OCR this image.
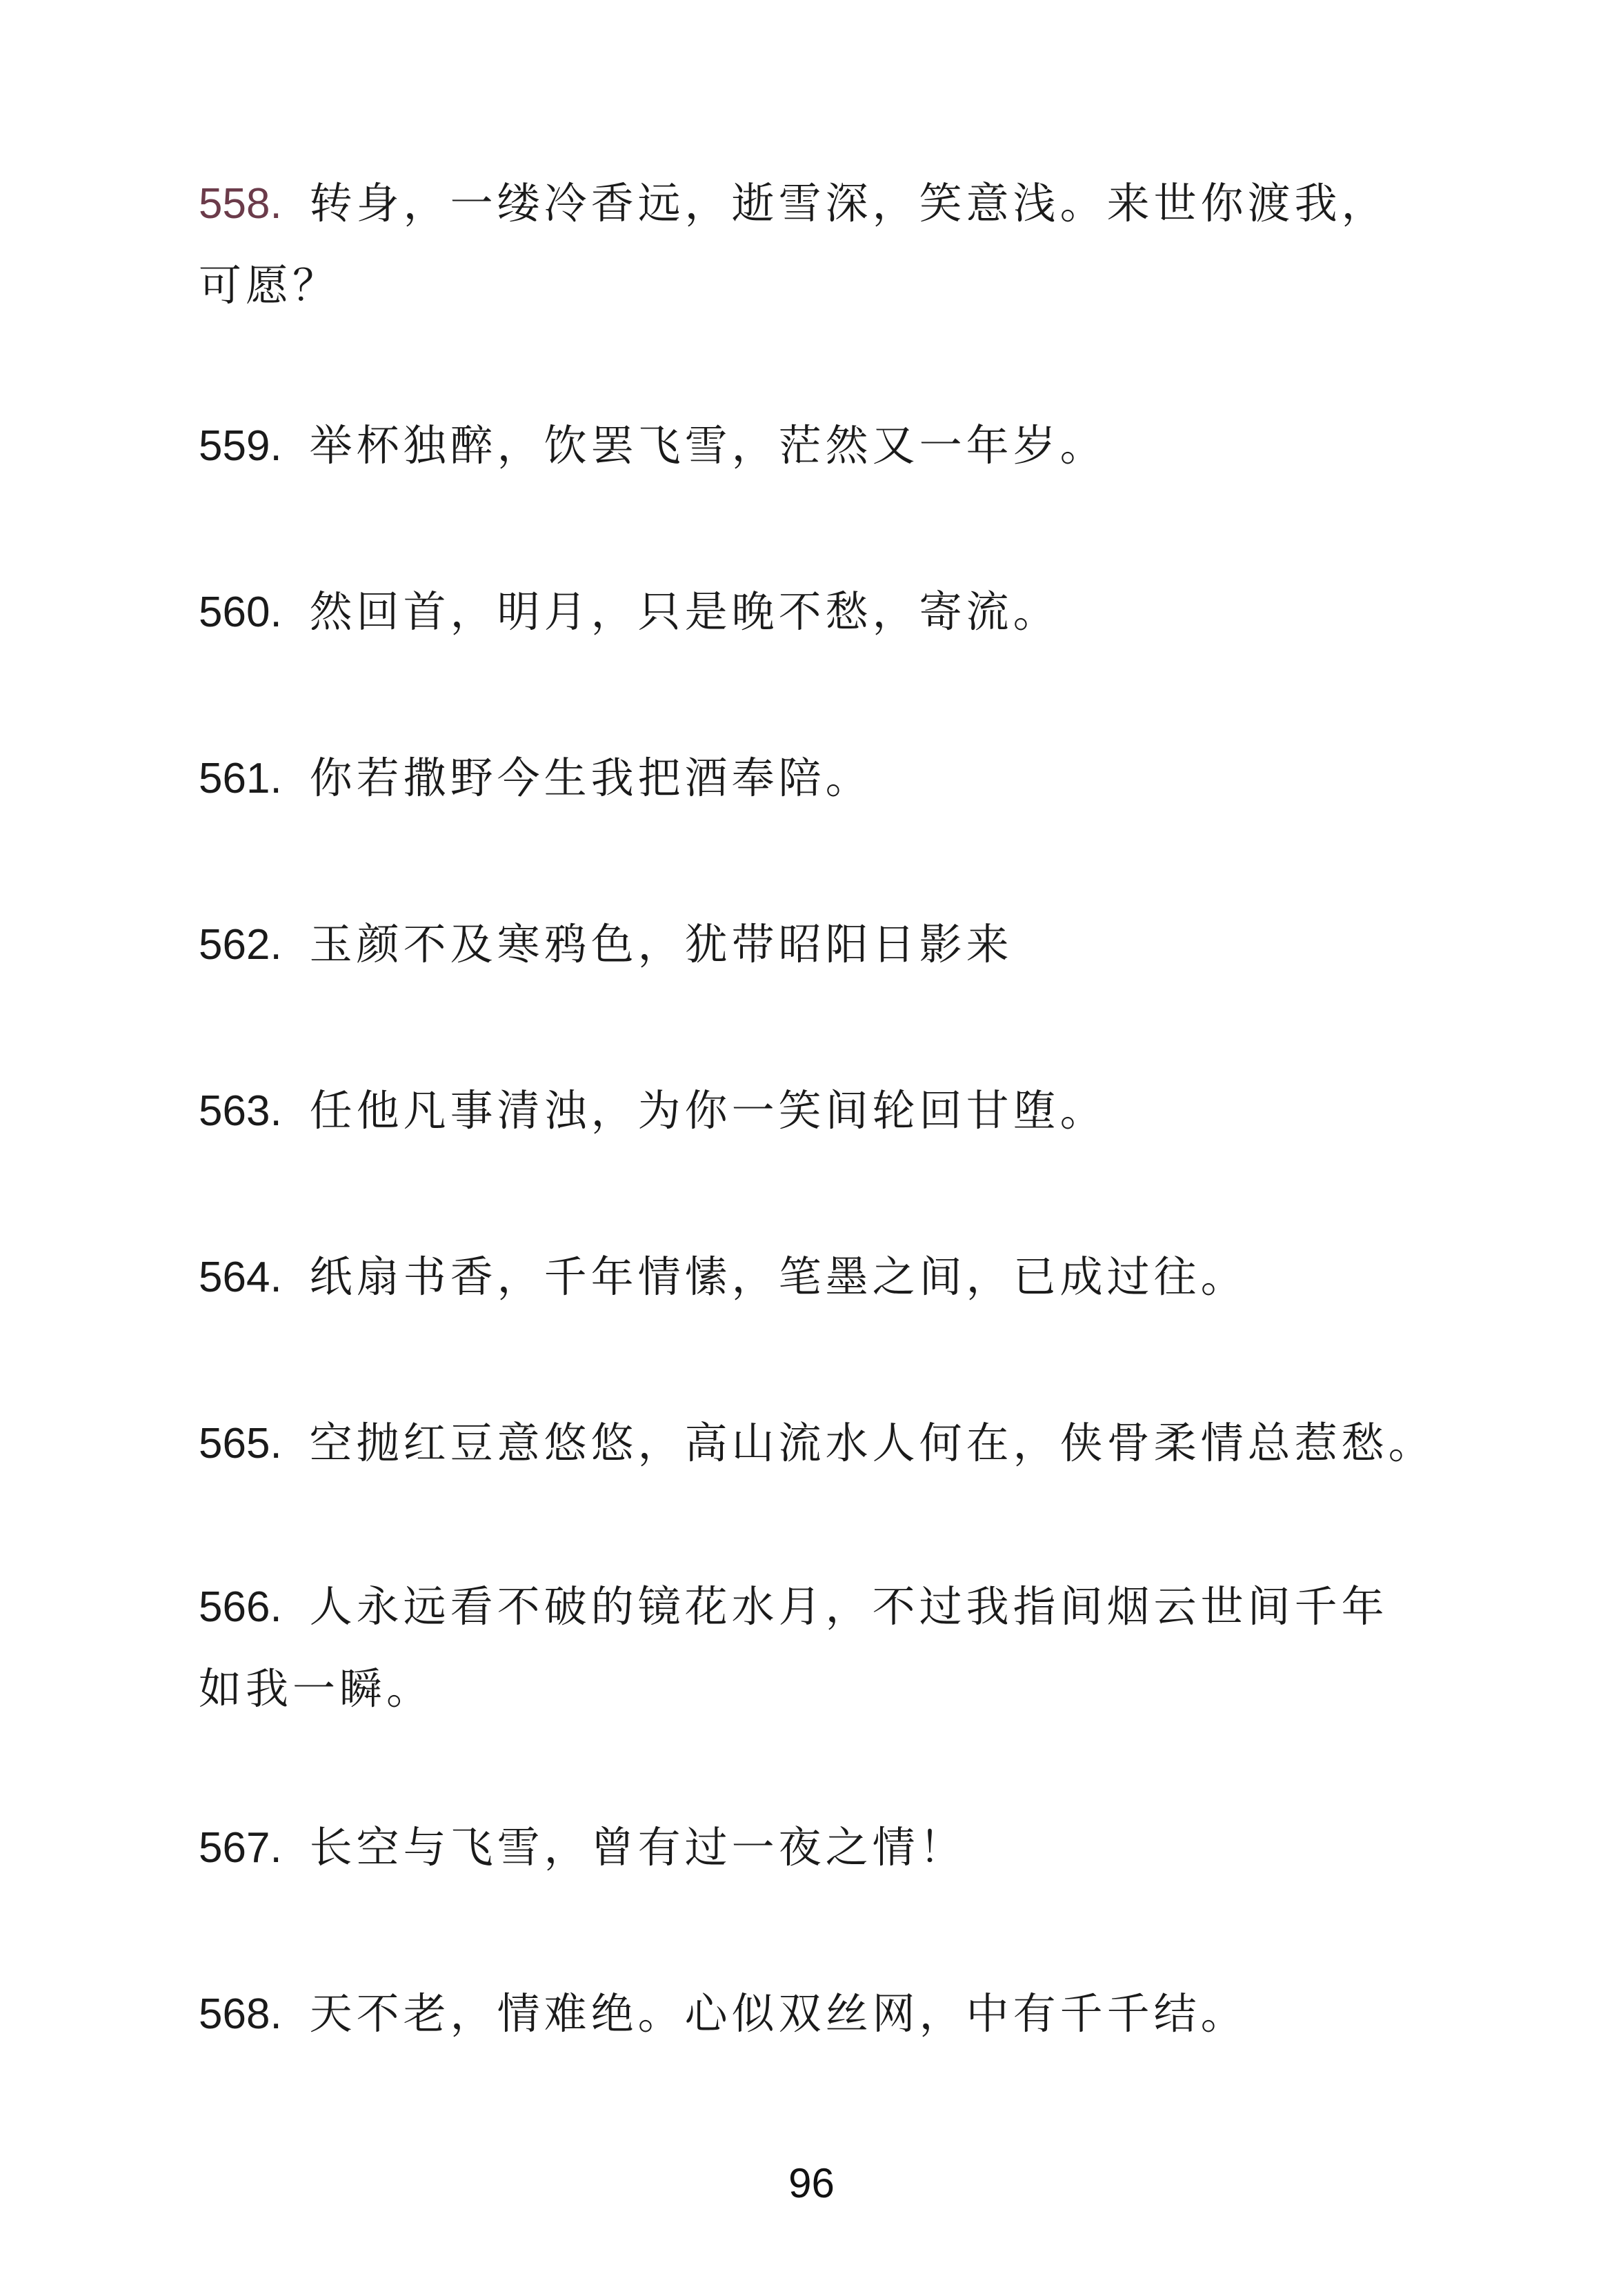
558. 转身，一缕冷香远，逝雪深，笑意浅。来世你渡我，
可愿？
559. 举杯独醉，饮罢飞雪，茫然又一年岁。
560. 然回首，明月，只是晚不愁，寄流。
561. 你若撒野今生我把酒奉陪。
562. 玉颜不及寒鸦色，犹带昭阳日影来
563. 任他凡事清浊，为你一笑间轮回甘堕。
564. 纸扇书香，千年情愫，笔墨之间，已成过往。
565. 空抛红豆意悠悠，高山流水人何在，侠骨柔情总惹愁。
566. 人永远看不破的镜花水月，不过我指间烟云世间千年
如我一瞬。
567. 长空与飞雪，曾有过一夜之情！
568. 天不老，情难绝。心似双丝网，中有千千结。
96
